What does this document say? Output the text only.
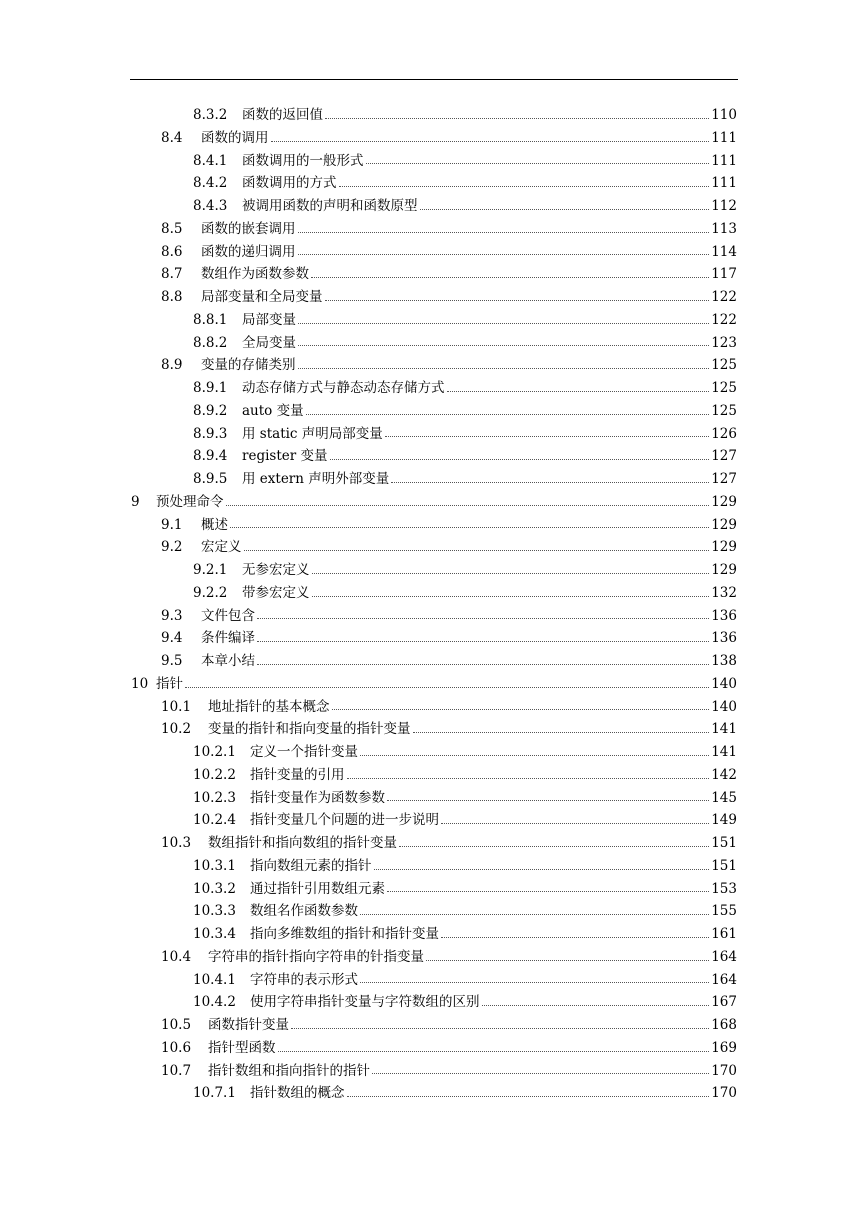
8.3.2	函数的返回值	110
8.4	函数的调用	111
8.4.1	函数调用的一般形式	111
8.4.2	函数调用的方式	111
8.4.3	被调用函数的声明和函数原型	112
8.5	函数的嵌套调用	113
8.6	函数的递归调用	114
8.7	数组作为函数参数	117
8.8	局部变量和全局变量	122
8.8.1	局部变量	122
8.8.2	全局变量	123
8.9	变量的存储类别	125
8.9.1	动态存储方式与静态动态存储方式	125
8.9.2	auto 变量	125
8.9.3	用 static 声明局部变量	126
8.9.4	register 变量	127
8.9.5	用 extern 声明外部变量	127
9	预处理命令	129
9.1	概述	129
9.2	宏定义	129
9.2.1	无参宏定义	129
9.2.2	带参宏定义	132
9.3	文件包含	136
9.4	条件编译	136
9.5	本章小结	138
10 指针	140
10.1	地址指针的基本概念	140
10.2	变量的指针和指向变量的指针变量	141
10.2.1	定义一个指针变量	141
10.2.2	指针变量的引用	142
10.2.3	指针变量作为函数参数	145
10.2.4	指针变量几个问题的进一步说明	149
10.3	数组指针和指向数组的指针变量	151
10.3.1	指向数组元素的指针	151
10.3.2	通过指针引用数组元素	153
10.3.3	数组名作函数参数	155
10.3.4	指向多维数组的指针和指针变量	161
10.4	字符串的指针指向字符串的针指变量	164
10.4.1	字符串的表示形式	164
10.4.2	使用字符串指针变量与字符数组的区别	167
10.5	函数指针变量	168
10.6	指针型函数	169
10.7	指针数组和指向指针的指针	170
10.7.1	指针数组的概念	170
